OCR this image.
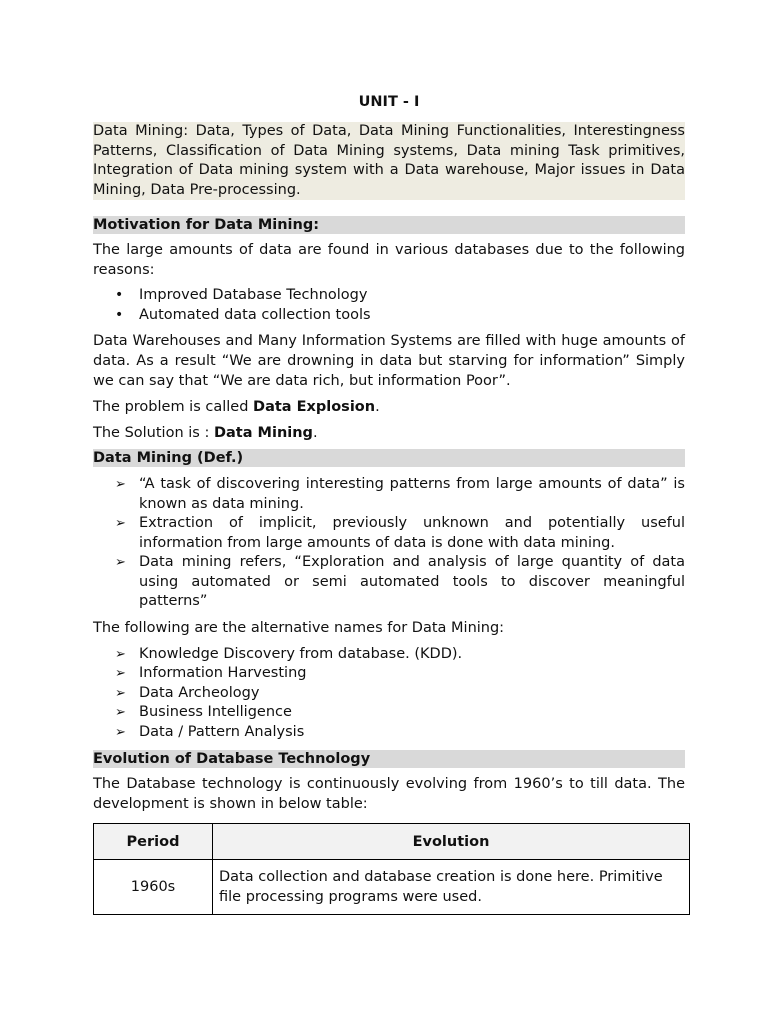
UNIT - I
Data Mining: Data, Types of Data, Data Mining Functionalities, Interestingness Patterns, Classification of Data Mining systems, Data mining Task primitives, Integration of Data mining system with a Data warehouse, Major issues in Data Mining, Data Pre-processing.
Motivation for Data Mining:

The large amounts of data are found in various databases due to the following reasons:

•	Improved Database Technology
•	Automated data collection tools

Data Warehouses and Many Information Systems are filled with huge amounts of data. As a result “We are drowning in data but starving for information” Simply we can say that “We are data rich, but information Poor”.

The problem is called Data Explosion.

The Solution is : Data Mining.

Data Mining (Def.)
➢ “A task of discovering interesting patterns from large amounts of data” is known as data mining.
➢ Extraction of implicit, previously unknown and potentially useful information from large amounts of data is done with data mining.
➢ Data mining refers, “Exploration and analysis of large quantity of data using automated or semi automated tools to discover meaningful patterns”

The following are the alternative names for Data Mining:

➢ Knowledge Discovery from database. (KDD).
➢ Information Harvesting
➢ Data Archeology
➢ Business Intelligence
➢ Data / Pattern Analysis
Evolution of Database Technology

The Database technology is continuously evolving from 1960’s to till data. The development is shown in below table:

Period	Evolution
1960s	Data collection and database creation is done here. Primitive file processing programs were used.
